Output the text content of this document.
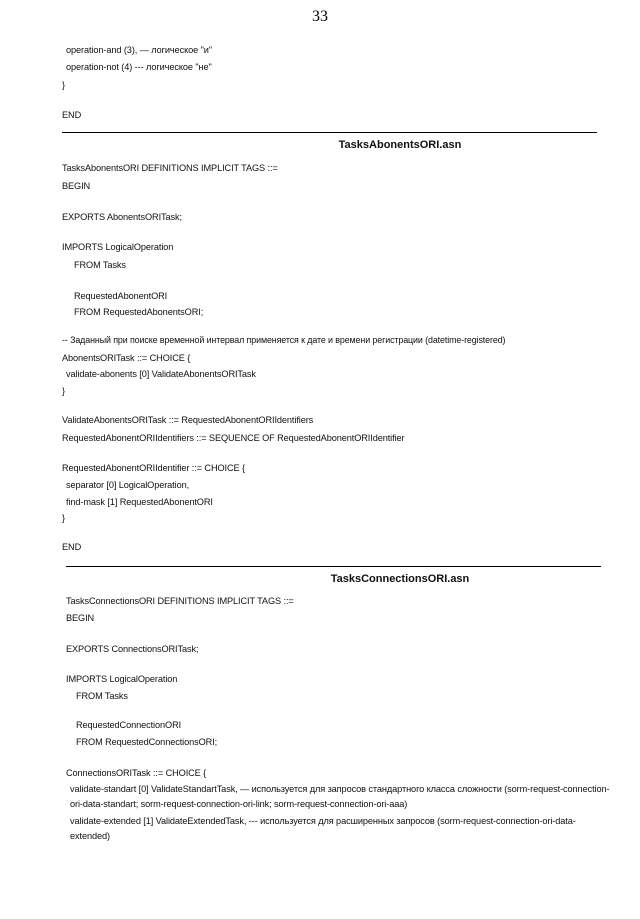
33
operation-and (3), — логическое "и"
operation-not (4) --- логическое "не"
}
END
TasksAbonentsORI.asn
TasksAbonentsORI DEFINITIONS IMPLICIT TAGS ::=
BEGIN
EXPORTS AbonentsORITask;
IMPORTS LogicalOperation
FROM Tasks
RequestedAbonentORI
FROM RequestedAbonentsORI;
-- Заданный при поиске временной интервал применяется к дате и времени регистрации (datetime-registered)
AbonentsORITask ::= CHOICE {
validate-abonents [0] ValidateAbonentsORITask
}
ValidateAbonentsORITask ::= RequestedAbonentORIIdentifiers
RequestedAbonentORIIdentifiers ::= SEQUENCE OF RequestedAbonentORIIdentifier
RequestedAbonentORIIdentifier ::= CHOICE {
separator [0] LogicalOperation,
find-mask [1] RequestedAbonentORI
}
END
TasksConnectionsORI.asn
TasksConnectionsORI DEFINITIONS IMPLICIT TAGS ::=
BEGIN
EXPORTS ConnectionsORITask;
IMPORTS LogicalOperation
FROM Tasks
RequestedConnectionORI
FROM RequestedConnectionsORI;
ConnectionsORITask ::= CHOICE {
validate-standart [0] ValidateStandartTask, — используется для запросов стандартного класса сложности (sorm-request-connection-ori-data-standart; sorm-request-connection-ori-link; sorm-request-connection-ori-aaa)
validate-extended [1] ValidateExtendedTask, --- используется для расширенных запросов (sorm-request-connection-ori-data-extended)
